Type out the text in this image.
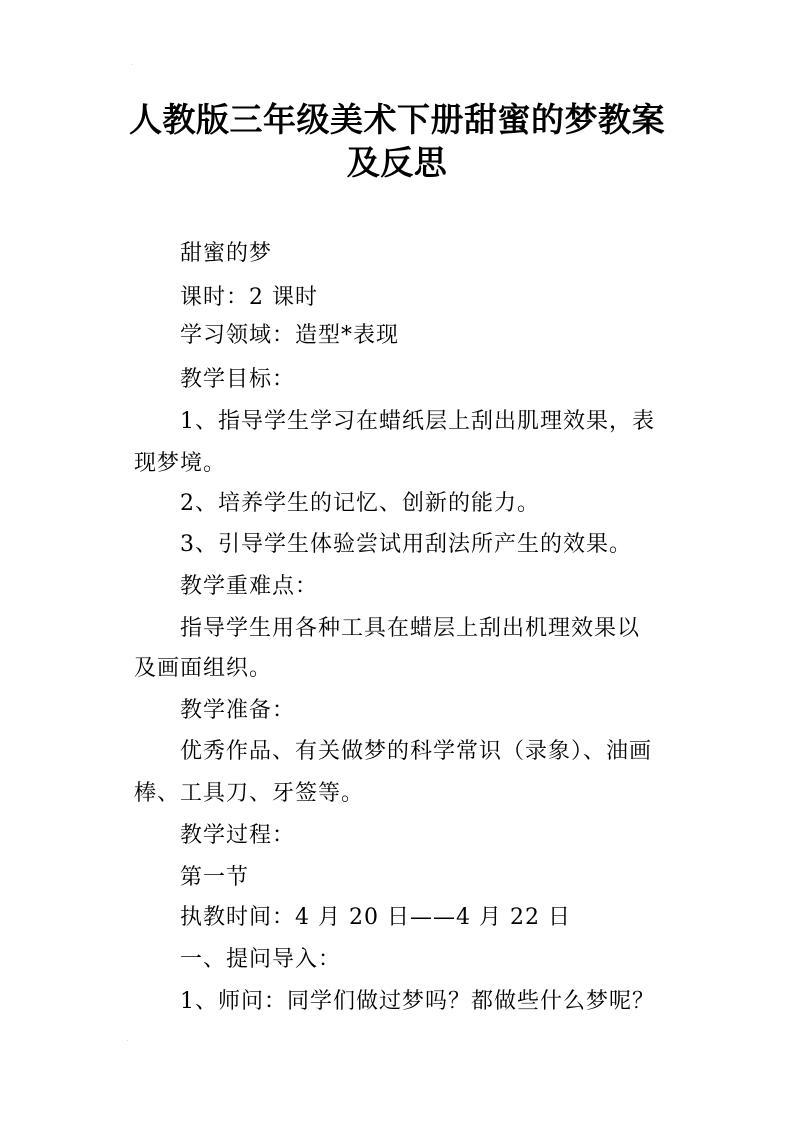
·
人教版三年级美术下册甜蜜的梦教案
及反思
甜蜜的梦
课时：2 课时
学习领域：造型*表现
教学目标：
1、指导学生学习在蜡纸层上刮出肌理效果，表
现梦境。
2、培养学生的记忆、创新的能力。
3、引导学生体验尝试用刮法所产生的效果。
教学重难点：
指导学生用各种工具在蜡层上刮出机理效果以
及画面组织。
教学准备：
优秀作品、有关做梦的科学常识（录象）、油画
棒、工具刀、牙签等。
教学过程：
第一节
执教时间：4 月 20 日——4 月 22 日
一、提问导入：
1、师问：同学们做过梦吗？都做些什么梦呢？
·
